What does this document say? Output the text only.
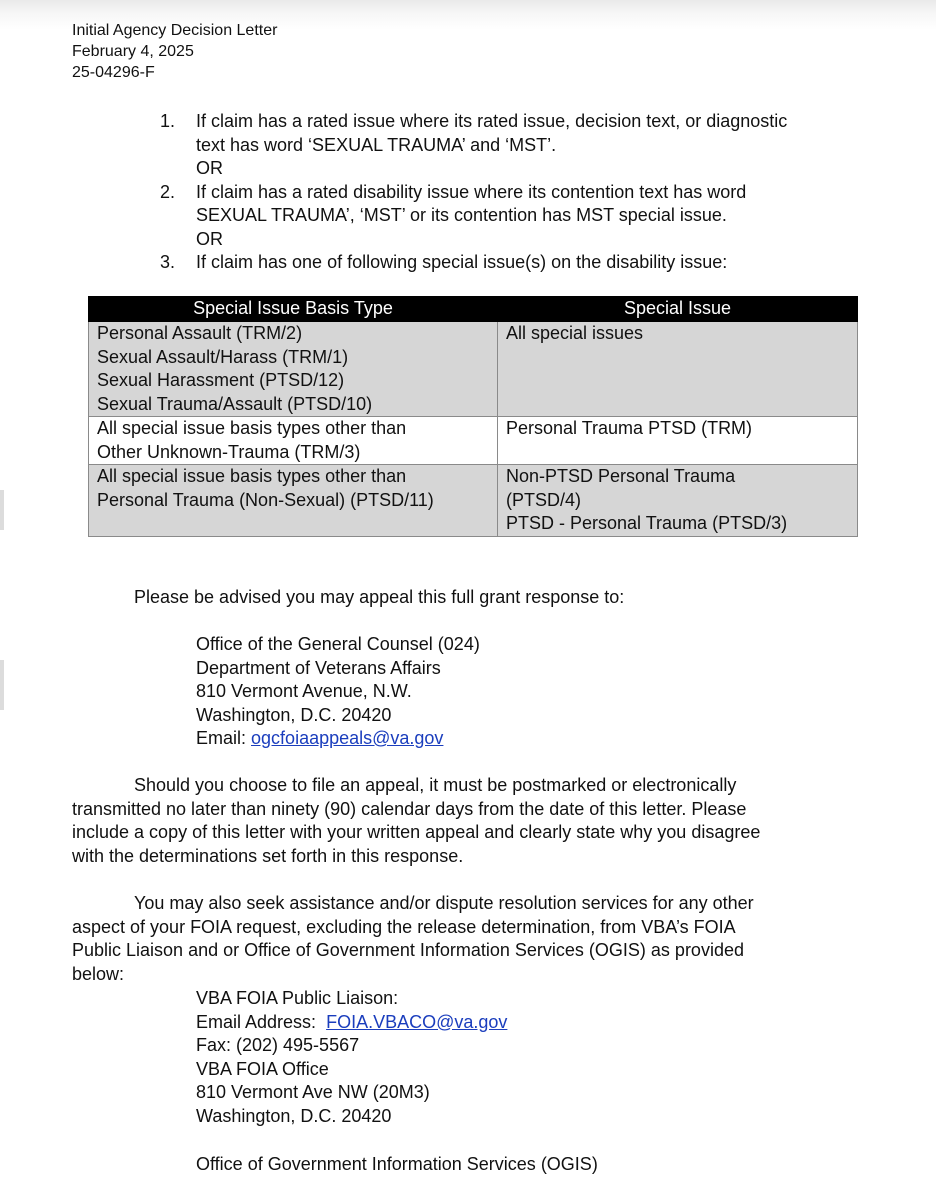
Initial Agency Decision Letter
February 4, 2025
25-04296-F
1.	If claim has a rated issue where its rated issue, decision text, or diagnostic
text has word ‘SEXUAL TRAUMA’ and ‘MST’.
OR
2.	If claim has a rated disability issue where its contention text has word
SEXUAL TRAUMA’, ‘MST’ or its contention has MST special issue.
OR
3.	If claim has one of following special issue(s) on the disability issue:
Special Issue Basis Type	Special Issue

Personal Assault (TRM/2)
Sexual Assault/Harass (TRM/1)
Sexual Harassment (PTSD/12)
Sexual Trauma/Assault (PTSD/10)	All special issues

All special issue basis types other than
Other Unknown-Trauma (TRM/3)	Personal Trauma PTSD (TRM)

All special issue basis types other than
Personal Trauma (Non-Sexual) (PTSD/11)	Non-PTSD Personal Trauma
(PTSD/4)
PTSD - Personal Trauma (PTSD/3)
Please be advised you may appeal this full grant response to:
Office of the General Counsel (024)
Department of Veterans Affairs
810 Vermont Avenue, N.W.
Washington, D.C. 20420
Email: ogcfoiaappeals@va.gov
Should you choose to file an appeal, it must be postmarked or electronically
transmitted no later than ninety (90) calendar days from the date of this letter. Please
include a copy of this letter with your written appeal and clearly state why you disagree
with the determinations set forth in this response.
You may also seek assistance and/or dispute resolution services for any other
aspect of your FOIA request, excluding the release determination, from VBA’s FOIA
Public Liaison and or Office of Government Information Services (OGIS) as provided
below:
VBA FOIA Public Liaison:
Email Address: FOIA.VBACO@va.gov
Fax: (202) 495-5567
VBA FOIA Office
810 Vermont Ave NW (20M3)
Washington, D.C. 20420
Office of Government Information Services (OGIS)
